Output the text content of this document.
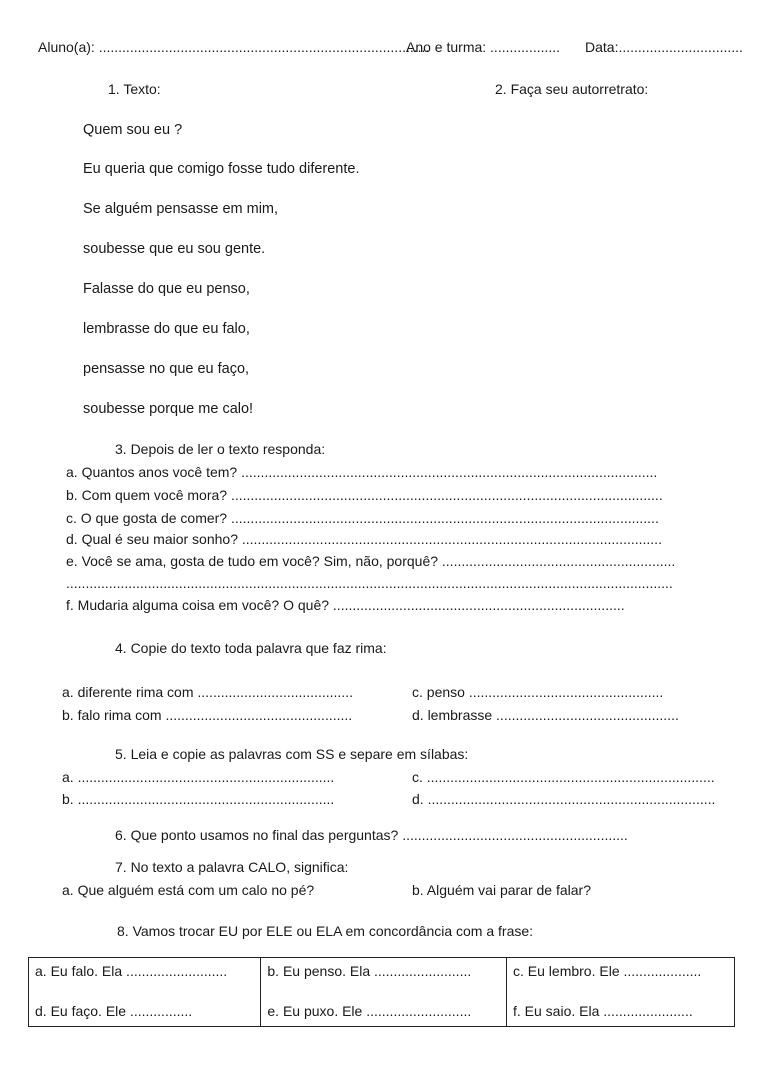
Aluno(a): .....................................................................................
Ano e turma: .................. Data:................................
1. Texto:	2. Faça seu autorretrato:
Quem sou eu ?
Eu queria que comigo fosse tudo diferente.
Se alguém pensasse em mim,
soubesse que eu sou gente.
Falasse do que eu penso,
lembrasse do que eu falo,
pensasse no que eu faço,
soubesse porque me calo!
3. Depois de ler o texto responda:
a. Quantos anos você tem? ...........................................................................................................
b. Com quem você mora? ...............................................................................................................
c. O que gosta de comer? ..............................................................................................................
d. Qual é seu maior sonho? ............................................................................................................
e. Você se ama, gosta de tudo em você? Sim, não, porquê? ............................................................
............................................................................................................................................................
f. Mudaria alguma coisa em você? O quê? ...........................................................................
4. Copie do texto toda palavra que faz rima:
a. diferente rima com ........................................	c. penso ..................................................
b. falo rima com ................................................	d. lembrasse ...............................................
5. Leia e copie as palavras com SS e separe em sílabas:
a. ..................................................................	c. ..........................................................................
b. ..................................................................	d. ..........................................................................
6. Que ponto usamos no final das perguntas? ..........................................................
7. No texto a palavra CALO, significa:
a. Que alguém está com um calo no pé?	b. Alguém vai parar de falar?
8. Vamos trocar EU por ELE ou ELA em concordância com a frase:
a. Eu falo. Ela ..........................
d. Eu faço. Ele ................

b. Eu penso. Ela .........................
e. Eu puxo. Ele ...........................

c. Eu lembro. Ele ....................
f. Eu saio. Ela .......................
